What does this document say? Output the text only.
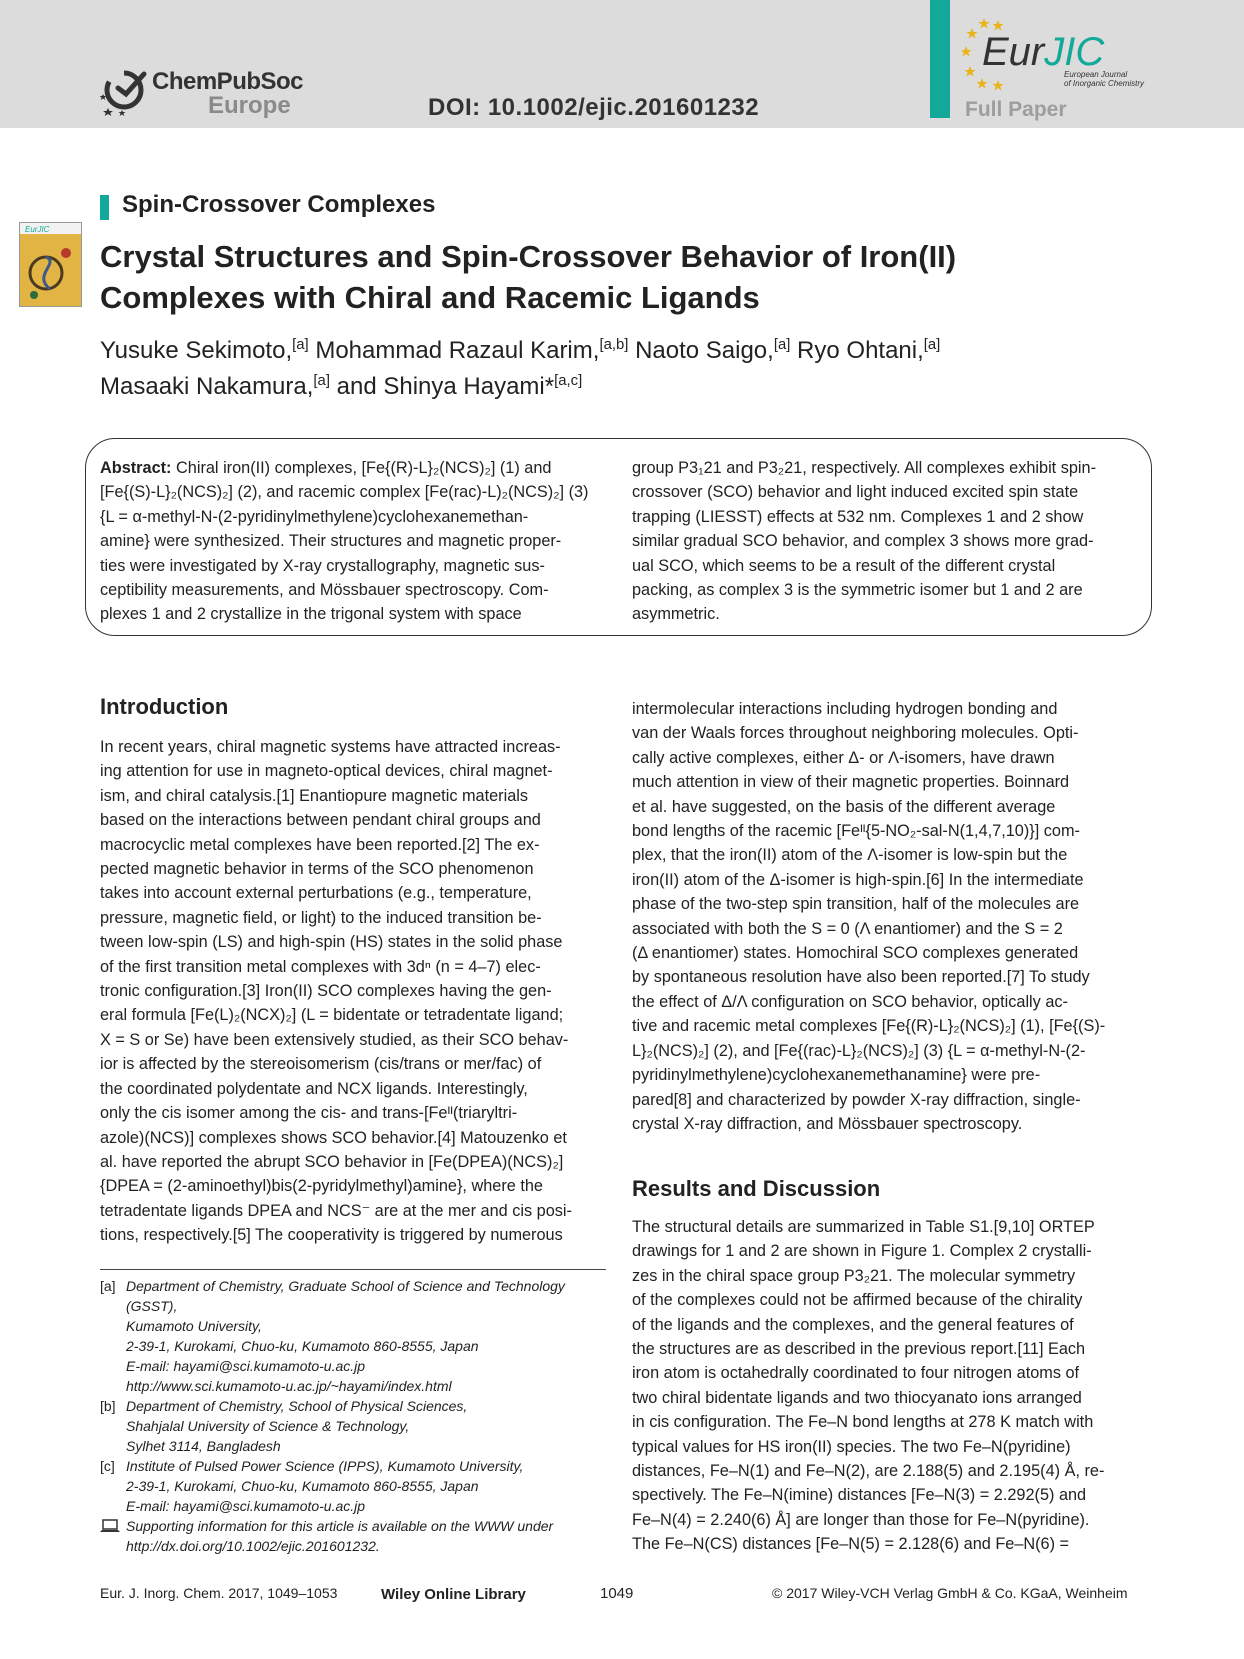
ChemPubSoc
Europe	DOI: 10.1002/ejic.201601232
EurJIC
European Journal
of Inorganic Chemistry
Full Paper
Spin-Crossover Complexes
EurJIC
Crystal Structures and Spin-Crossover Behavior of Iron(II) Complexes with Chiral and Racemic Ligands
Yusuke Sekimoto,[a] Mohammad Razaul Karim,[a,b] Naoto Saigo,[a] Ryo Ohtani,[a]
Masaaki Nakamura,[a] and Shinya Hayami*[a,c]
Abstract: Chiral iron(II) complexes, [Fe{(R)-L}₂(NCS)₂] (1) and
[Fe{(S)-L}₂(NCS)₂] (2), and racemic complex [Fe(rac)-L)₂(NCS)₂] (3)
{L = α-methyl-N-(2-pyridinylmethylene)cyclohexanemethan-
amine} were synthesized. Their structures and magnetic proper-
ties were investigated by X-ray crystallography, magnetic sus-
ceptibility measurements, and Mössbauer spectroscopy. Com-
plexes 1 and 2 crystallize in the trigonal system with space
group P3₁21 and P3₂21, respectively. All complexes exhibit spin-
crossover (SCO) behavior and light induced excited spin state
trapping (LIESST) effects at 532 nm. Complexes 1 and 2 show
similar gradual SCO behavior, and complex 3 shows more grad-
ual SCO, which seems to be a result of the different crystal
packing, as complex 3 is the symmetric isomer but 1 and 2 are
asymmetric.
Introduction
In recent years, chiral magnetic systems have attracted increas-
ing attention for use in magneto-optical devices, chiral magnet-
ism, and chiral catalysis.[1] Enantiopure magnetic materials
based on the interactions between pendant chiral groups and
macrocyclic metal complexes have been reported.[2] The ex-
pected magnetic behavior in terms of the SCO phenomenon
takes into account external perturbations (e.g., temperature,
pressure, magnetic field, or light) to the induced transition be-
tween low-spin (LS) and high-spin (HS) states in the solid phase
of the first transition metal complexes with 3dⁿ (n = 4–7) elec-
tronic configuration.[3] Iron(II) SCO complexes having the gen-
eral formula [Fe(L)₂(NCX)₂] (L = bidentate or tetradentate ligand;
X = S or Se) have been extensively studied, as their SCO behav-
ior is affected by the stereoisomerism (cis/trans or mer/fac) of
the coordinated polydentate and NCX ligands. Interestingly,
only the cis isomer among the cis- and trans-[Feᴵᴵ(triaryltri-
azole)(NCS)] complexes shows SCO behavior.[4] Matouzenko et
al. have reported the abrupt SCO behavior in [Fe(DPEA)(NCS)₂]
{DPEA = (2-aminoethyl)bis(2-pyridylmethyl)amine}, where the
tetradentate ligands DPEA and NCS⁻ are at the mer and cis posi-
tions, respectively.[5] The cooperativity is triggered by numerous
intermolecular interactions including hydrogen bonding and
van der Waals forces throughout neighboring molecules. Opti-
cally active complexes, either Δ- or Λ-isomers, have drawn
much attention in view of their magnetic properties. Boinnard
et al. have suggested, on the basis of the different average
bond lengths of the racemic [Feᴵᴵ{5-NO₂-sal-N(1,4,7,10)}] com-
plex, that the iron(II) atom of the Λ-isomer is low-spin but the
iron(II) atom of the Δ-isomer is high-spin.[6] In the intermediate
phase of the two-step spin transition, half of the molecules are
associated with both the S = 0 (Λ enantiomer) and the S = 2
(Δ enantiomer) states. Homochiral SCO complexes generated
by spontaneous resolution have also been reported.[7] To study
the effect of Δ/Λ configuration on SCO behavior, optically ac-
tive and racemic metal complexes [Fe{(R)-L}₂(NCS)₂] (1), [Fe{(S)-
L}₂(NCS)₂] (2), and [Fe{(rac)-L}₂(NCS)₂] (3) {L = α-methyl-N-(2-
pyridinylmethylene)cyclohexanemethanamine} were pre-
pared[8] and characterized by powder X-ray diffraction, single-
crystal X-ray diffraction, and Mössbauer spectroscopy.
Results and Discussion
The structural details are summarized in Table S1.[9,10] ORTEP
drawings for 1 and 2 are shown in Figure 1. Complex 2 crystalli-
zes in the chiral space group P3₂21. The molecular symmetry
of the complexes could not be affirmed because of the chirality
of the ligands and the complexes, and the general features of
the structures are as described in the previous report.[11] Each
iron atom is octahedrally coordinated to four nitrogen atoms of
two chiral bidentate ligands and two thiocyanato ions arranged
in cis configuration. The Fe–N bond lengths at 278 K match with
typical values for HS iron(II) species. The two Fe–N(pyridine)
distances, Fe–N(1) and Fe–N(2), are 2.188(5) and 2.195(4) Å, re-
spectively. The Fe–N(imine) distances [Fe–N(3) = 2.292(5) and
Fe–N(4) = 2.240(6) Å] are longer than those for Fe–N(pyridine).
The Fe–N(CS) distances [Fe–N(5) = 2.128(6) and Fe–N(6) =
[a] Department of Chemistry, Graduate School of Science and Technology
(GSST),
Kumamoto University,
2-39-1, Kurokami, Chuo-ku, Kumamoto 860-8555, Japan
E-mail: hayami@sci.kumamoto-u.ac.jp
http://www.sci.kumamoto-u.ac.jp/~hayami/index.html
[b] Department of Chemistry, School of Physical Sciences,
Shahjalal University of Science & Technology,
Sylhet 3114, Bangladesh
[c] Institute of Pulsed Power Science (IPPS), Kumamoto University,
2-39-1, Kurokami, Chuo-ku, Kumamoto 860-8555, Japan
E-mail: hayami@sci.kumamoto-u.ac.jp
Supporting information for this article is available on the WWW under
http://dx.doi.org/10.1002/ejic.201601232.
Eur. J. Inorg. Chem. 2017, 1049–1053	Wiley Online Library	1049	© 2017 Wiley-VCH Verlag GmbH & Co. KGaA, Weinheim
